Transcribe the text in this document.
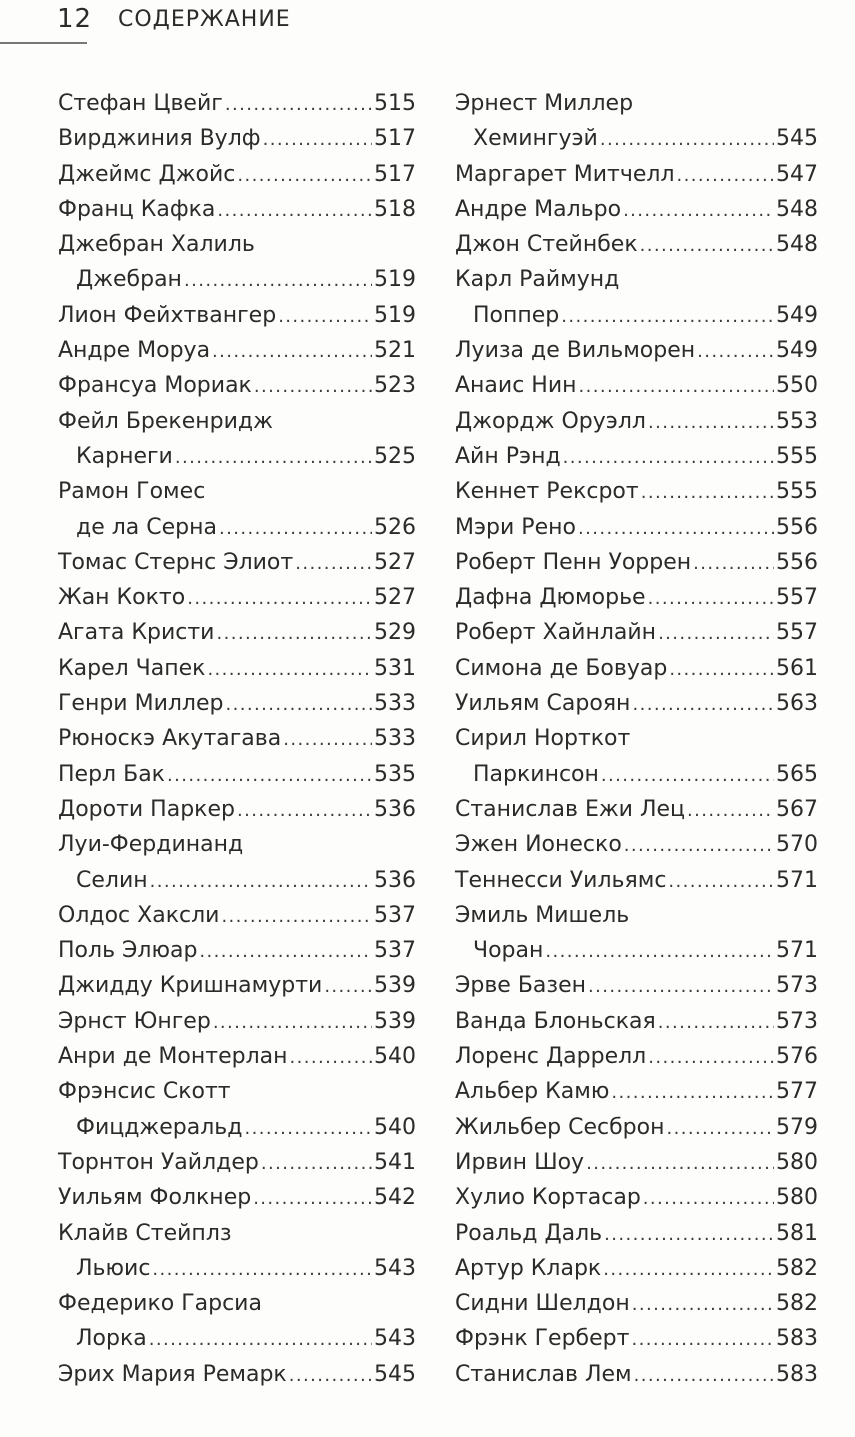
12 СОДЕРЖАНИЕ
Стефан Цвейг .....	515
Вирджиния Вулф .....	517
Джеймс Джойс .....	517
Франц Кафка .....	518
Джебран Халиль
Джебран .....	519
Лион Фейхтвангер .....	519
Андре Моруа .....	521
Франсуа Мориак .....	523
Фейл Брекенридж
Карнеги .....	525
Рамон Гомес
де ла Серна .....	526
Томас Стернс Элиот .....	527
Жан Кокто .....	527
Агата Кристи .....	529
Карел Чапек .....	531
Генри Миллер .....	533
Рюноскэ Акутагава .....	533
Перл Бак .....	535
Дороти Паркер .....	536
Луи-Фердинанд
Селин .....	536
Олдос Хаксли .....	537
Поль Элюар .....	537
Джидду Кришнамурти ..... 539
Эрнст Юнгер .....	539
Анри де Монтерлан .....	540
Фрэнсис Скотт
Фицджеральд .....	540
Торнтон Уайлдер .....	541
Уильям Фолкнер .....	542
Клайв Стейплз
Льюис .....	543
Федерико Гарсиа
Лорка .....	543
Эрих Мария Ремарк .....	545
Эрнест Миллер
Хемингуэй .....	545
Маргарет Митчелл .....	547
Андре Мальро .....	548
Джон Стейнбек .....	548
Карл Раймунд
Поппер .....	549
Луиза де Вильморен .....	549
Анаис Нин .....	550
Джордж Оруэлл .....	553
Айн Рэнд .....	555
Кеннет Рексрот .....	555
Мэри Рено .....	556
Роберт Пенн Уоррен .....	556
Дафна Дюморье .....	557
Роберт Хайнлайн .....	557
Симона де Бовуар .....	561
Уильям Сароян .....	563
Сирил Норткот
Паркинсон .....	565
Станислав Ежи Лец .....	567
Эжен Ионеско .....	570
Теннесси Уильямс .....	571
Эмиль Мишель
Чоран .....	571
Эрве Базен .....	573
Ванда Блоньская .....	573
Лоренс Даррелл .....	576
Альбер Камю .....	577
Жильбер Сесброн .....	579
Ирвин Шоу .....	580
Хулио Кортасар .....	580
Роальд Даль .....	581
Артур Кларк .....	582
Сидни Шелдон .....	582
Фрэнк Герберт .....	583
Станислав Лем .....	583
